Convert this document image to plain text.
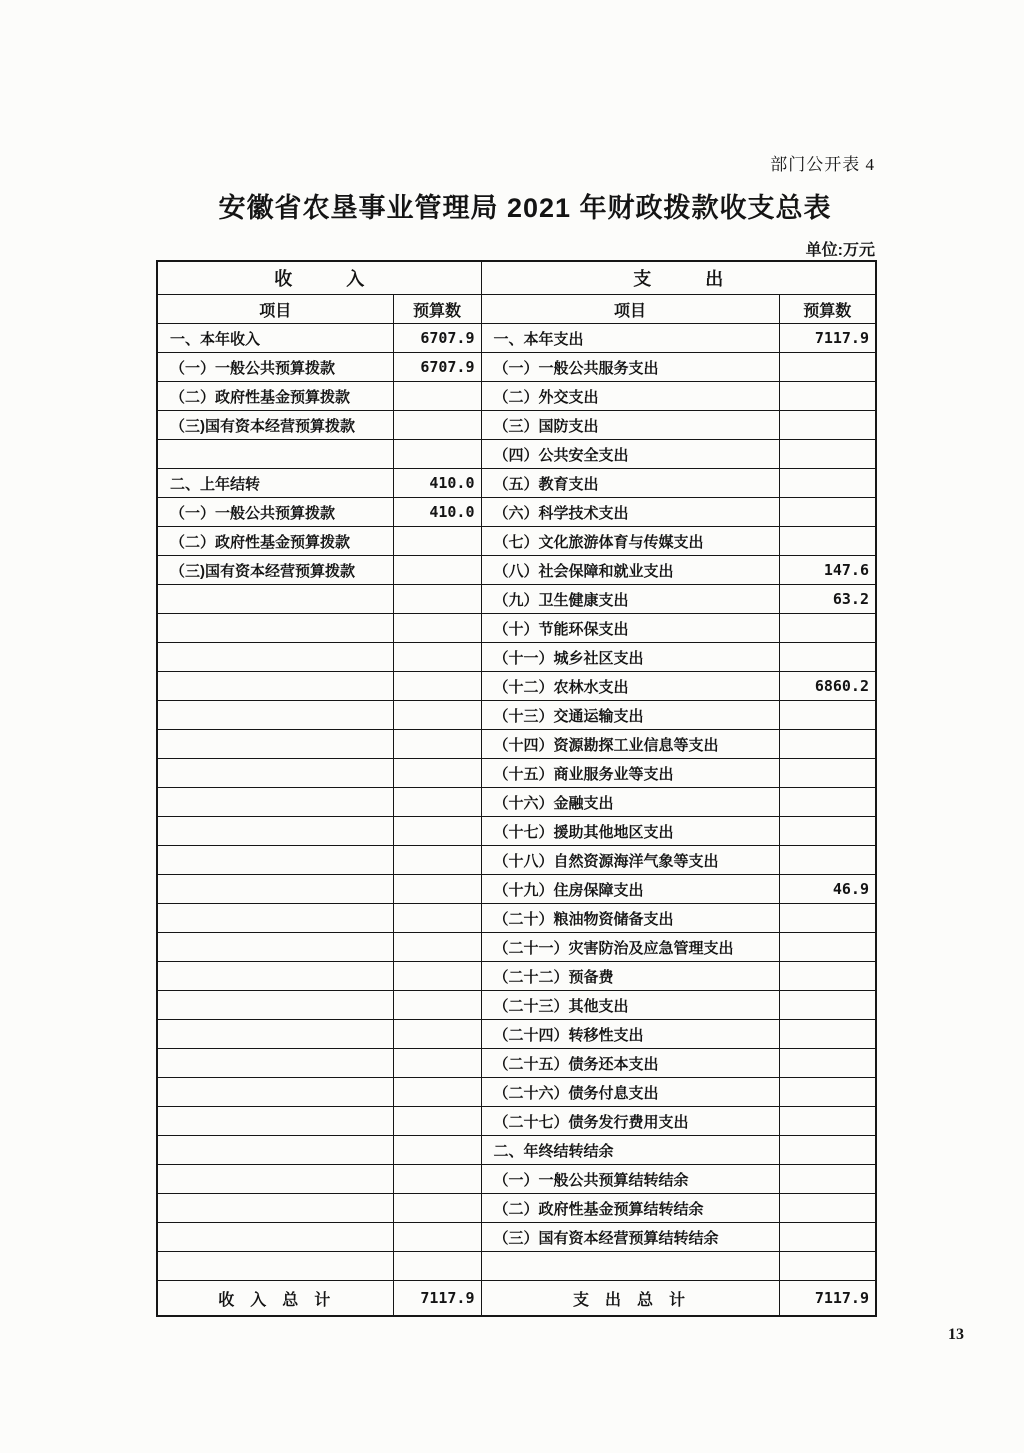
部门公开表 4
安徽省农垦事业管理局 2021 年财政拨款收支总表
单位:万元
收　　　入		支　　　出	
项目	预算数	项目	预算数
一、本年收入	6707.9	一、本年支出	7117.9
（一）一般公共预算拨款	6707.9	（一）一般公共服务支出	
（二）政府性基金预算拨款		（二）外交支出	
（三)国有资本经营预算拨款		（三）国防支出	
		（四）公共安全支出	
二、上年结转	410.0	（五）教育支出	
（一）一般公共预算拨款	410.0	（六）科学技术支出	
（二）政府性基金预算拨款		（七）文化旅游体育与传媒支出	
（三)国有资本经营预算拨款		（八）社会保障和就业支出	147.6
		（九）卫生健康支出	63.2
		（十）节能环保支出	
		（十一）城乡社区支出	
		（十二）农林水支出	6860.2
		（十三）交通运输支出	
		（十四）资源勘探工业信息等支出	
		（十五）商业服务业等支出	
		（十六）金融支出	
		（十七）援助其他地区支出	
		（十八）自然资源海洋气象等支出	
		（十九）住房保障支出	46.9
		（二十）粮油物资储备支出	
		（二十一）灾害防治及应急管理支出	
		（二十二）预备费	
		（二十三）其他支出	
		（二十四）转移性支出	
		（二十五）债务还本支出	
		（二十六）债务付息支出	
		（二十七）债务发行费用支出	
		二、年终结转结余	
		（一）一般公共预算结转结余	
		（二）政府性基金预算结转结余	
		（三）国有资本经营预算结转结余	

收　入　总　计	7117.9	支　出　总　计	7117.9
13
